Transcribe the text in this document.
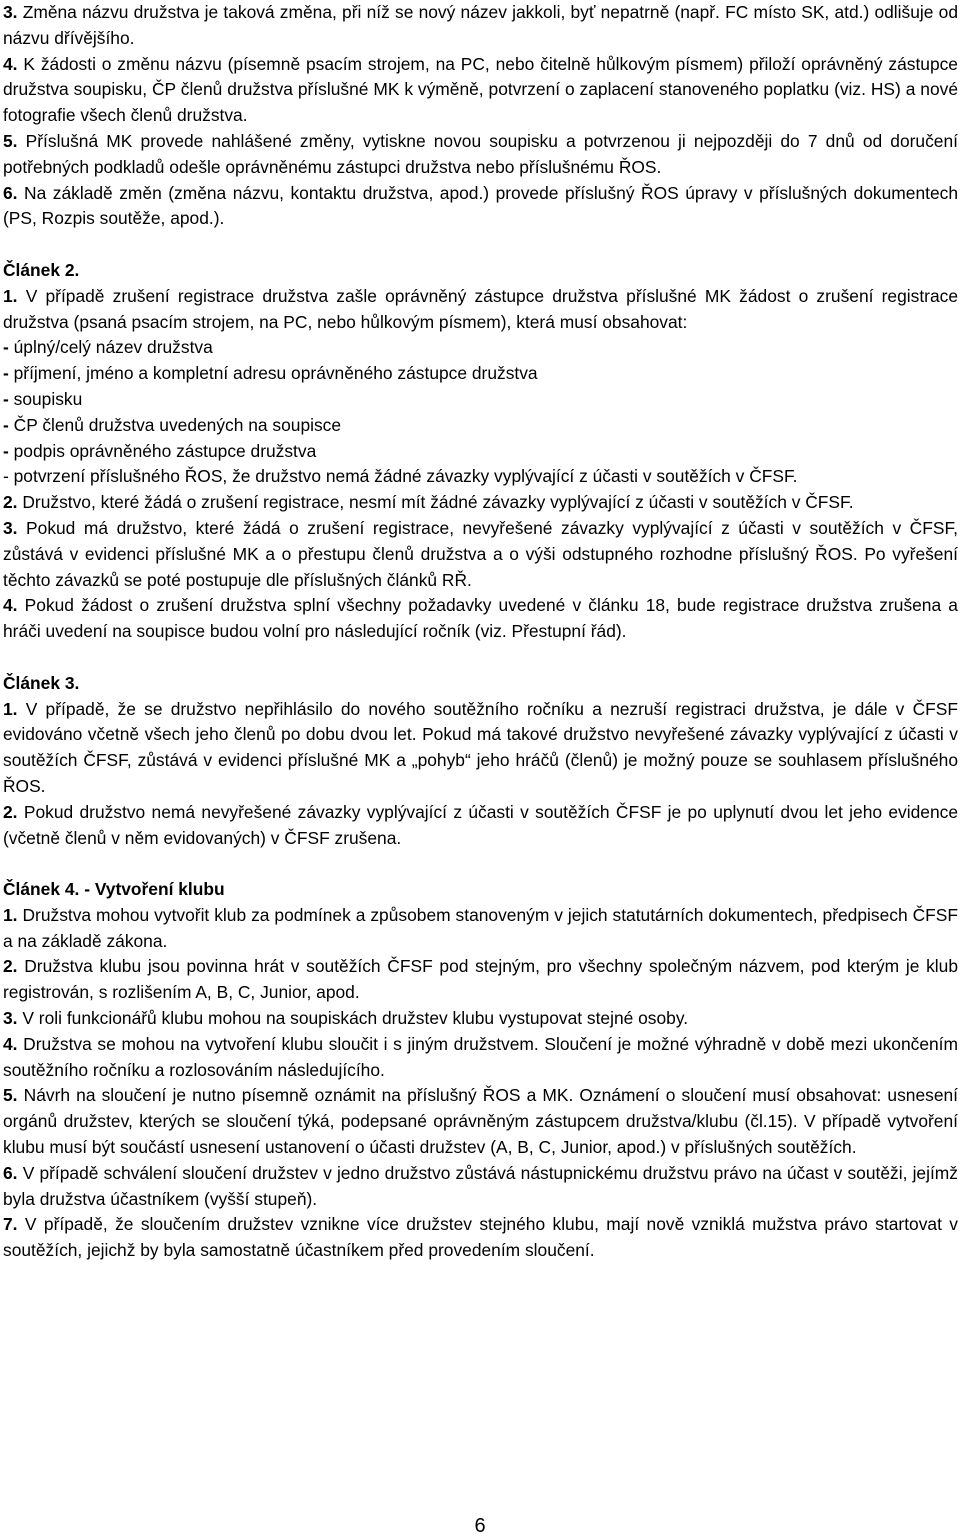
3. Změna názvu družstva je taková změna, při níž se nový název jakkoli, byť nepatrně (např. FC místo SK, atd.) odlišuje od názvu dřívějšího.

4. K žádosti o změnu názvu (písemně psacím strojem, na PC, nebo čitelně hůlkovým písmem) přiloží oprávněný zástupce družstva soupisku, ČP členů družstva příslušné MK k výměně, potvrzení o zaplacení stanoveného poplatku (viz. HS) a nové fotografie všech členů družstva.

5. Příslušná MK provede nahlášené změny, vytiskne novou soupisku a potvrzenou ji nejpozději do 7 dnů od doručení potřebných podkladů odešle oprávněnému zástupci družstva nebo příslušnému ŘOS.

6. Na základě změn (změna názvu, kontaktu družstva, apod.) provede příslušný ŘOS úpravy v příslušných dokumentech (PS, Rozpis soutěže, apod.).

Článek 2.

1. V případě zrušení registrace družstva zašle oprávněný zástupce družstva příslušné MK žádost o zrušení registrace družstva (psaná psacím strojem, na PC, nebo hůlkovým písmem), která musí obsahovat:

- úplný/celý název družstva

- příjmení, jméno a kompletní adresu oprávněného zástupce družstva

- soupisku

- ČP členů družstva uvedených na soupisce

- podpis oprávněného zástupce družstva

- potvrzení příslušného ŘOS, že družstvo nemá žádné závazky vyplývající z účasti v soutěžích v ČFSF.

2. Družstvo, které žádá o zrušení registrace, nesmí mít žádné závazky vyplývající z účasti v soutěžích v ČFSF.

3. Pokud má družstvo, které žádá o zrušení registrace, nevyřešené závazky vyplývající z účasti v soutěžích v ČFSF, zůstává v evidenci příslušné MK a o přestupu členů družstva a o výši odstupného rozhodne příslušný ŘOS. Po vyřešení těchto závazků se poté postupuje dle příslušných článků RŘ.

4. Pokud žádost o zrušení družstva splní všechny požadavky uvedené v článku 18, bude registrace družstva zrušena a hráči uvedení na soupisce budou volní pro následující ročník (viz. Přestupní řád).

Článek 3.

1. V případě, že se družstvo nepřihlásilo do nového soutěžního ročníku a nezruší registraci družstva, je dále v ČFSF evidováno včetně všech jeho členů po dobu dvou let. Pokud má takové družstvo nevyřešené závazky vyplývající z účasti v soutěžích ČFSF, zůstává v evidenci příslušné MK a „pohyb“ jeho hráčů (členů) je možný pouze se souhlasem příslušného ŘOS.

2. Pokud družstvo nemá nevyřešené závazky vyplývající z účasti v soutěžích ČFSF je po uplynutí dvou let jeho evidence (včetně členů v něm evidovaných) v ČFSF zrušena.

Článek 4. - Vytvoření klubu

1. Družstva mohou vytvořit klub za podmínek a způsobem stanoveným v jejich statutárních dokumentech, předpisech ČFSF a na základě zákona.

2. Družstva klubu jsou povinna hrát v soutěžích ČFSF pod stejným, pro všechny společným názvem, pod kterým je klub registrován, s rozlišením A, B, C, Junior, apod.

3. V roli funkcionářů klubu mohou na soupiskách družstev klubu vystupovat stejné osoby.

4. Družstva se mohou na vytvoření klubu sloučit i s jiným družstvem. Sloučení je možné výhradně v době mezi ukončením soutěžního ročníku a rozlosováním následujícího.

5. Návrh na sloučení je nutno písemně oznámit na příslušný ŘOS a MK. Oznámení o sloučení musí obsahovat: usnesení orgánů družstev, kterých se sloučení týká, podepsané oprávněným zástupcem družstva/klubu (čl.15). V případě vytvoření klubu musí být součástí usnesení ustanovení o účasti družstev (A, B, C, Junior, apod.) v příslušných soutěžích.

6. V případě schválení sloučení družstev v jedno družstvo zůstává nástupnickému družstvu právo na účast v soutěži, jejímž byla družstva účastníkem (vyšší stupeň).

7. V případě, že sloučením družstev vznikne více družstev stejného klubu, mají nově vzniklá mužstva právo startovat v soutěžích, jejichž by byla samostatně účastníkem před provedením sloučení.

6
